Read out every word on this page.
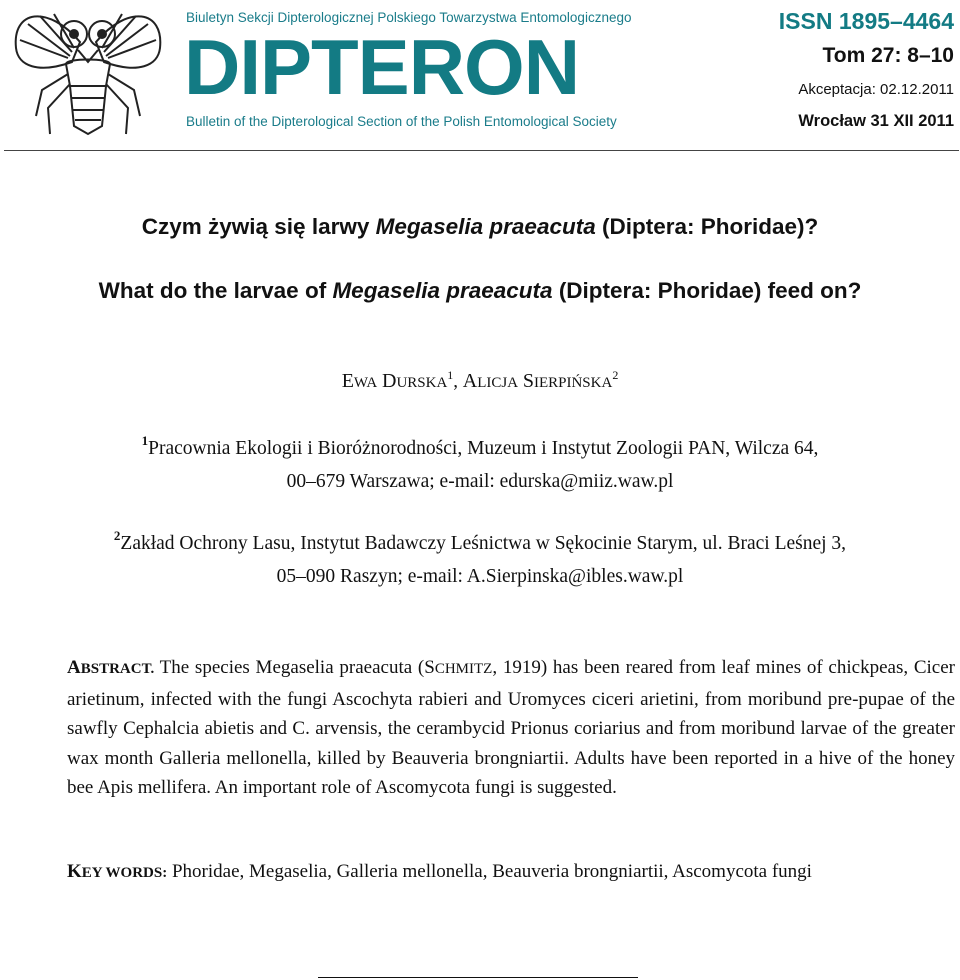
Biuletyn Sekcji Dipterologicznej Polskiego Towarzystwa Entomologicznego
DIPTERON
Bulletin of the Dipterological Section of the Polish Entomological Society
ISSN 1895–4464
Tom 27: 8–10
Akceptacja: 02.12.2011
Wrocław 31 XII 2011
Czym żywią się larwy Megaselia praeacuta (Diptera: Phoridae)?
What do the larvae of Megaselia praeacuta (Diptera: Phoridae) feed on?
EWA DURSKA$^1$, ALICJA SIERPIŃSKA$^2$
$^1$Pracownia Ekologii i Bioróżnorodności, Muzeum i Instytut Zoologii PAN, Wilcza 64,
00–679 Warszawa; e-mail: edurska@miiz.waw.pl
$^2$Zakład Ochrony Lasu, Instytut Badawczy Leśnictwa w Sękocinie Starym, ul. Braci Leśnej 3,
05–090 Raszyn; e-mail: A.Sierpinska@ibles.waw.pl
ABSTRACT. The species Megaselia praeacuta (SCHMITZ, 1919) has been reared from leaf mines of chickpeas, Cicer arietinum, infected with the fungi Ascochyta rabieri and Uromyces ciceri arietini, from moribund pre-pupae of the sawfly Cephalcia abietis and C. arvensis, the cerambycid Prionus coriarius and from moribund larvae of the greater wax month Galleria mellonella, killed by Beauveria brongniartii. Adults have been reported in a hive of the honey bee Apis mellifera. An important role of Ascomycota fungi is suggested.
KEY WORDS: Phoridae, Megaselia, Galleria mellonella, Beauveria brongniartii, Ascomycota fungi
